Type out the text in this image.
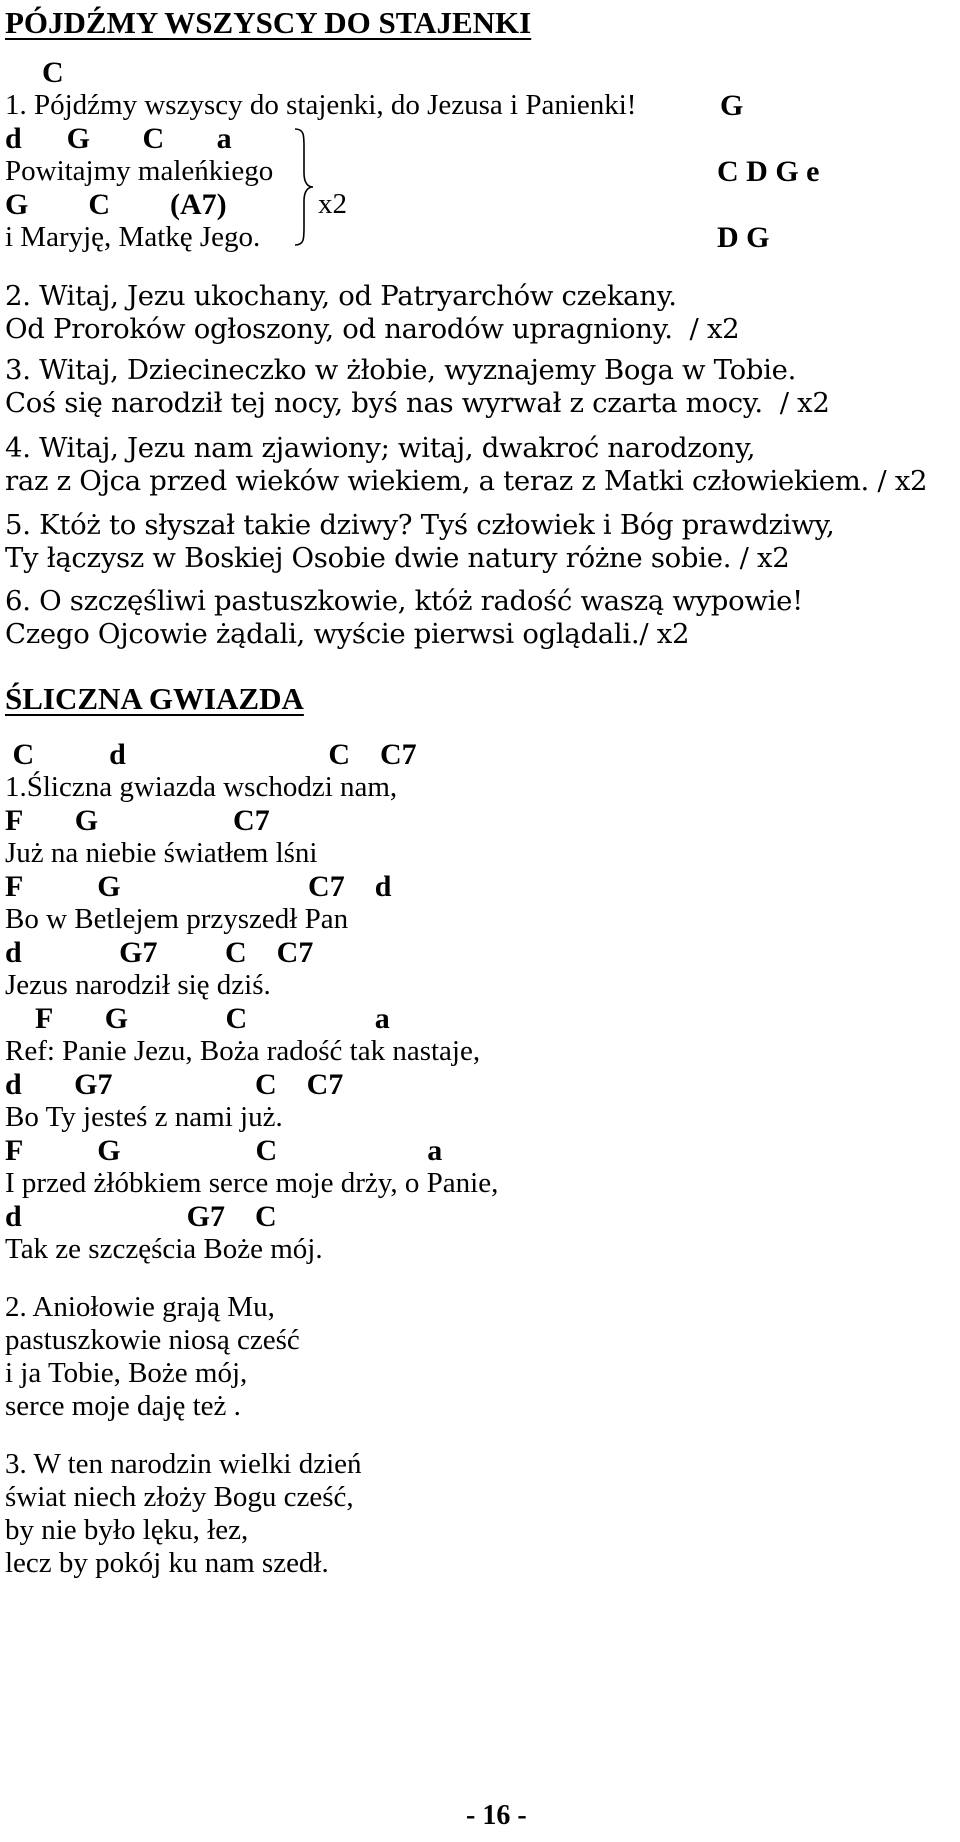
PÓJDŹMY WSZYSCY DO STAJENKI
C
1. Pójdźmy wszyscy do stajenki, do Jezusa i Panienki!
d      G       C       a
Powitajmy maleńkiego
G        C        (A7)
i Maryję, Matkę Jego.
x2
G
C D G e
D G
2. Witaj, Jezu ukochany, od Patryarchów czekany.
Od Proroków ogłoszony, od narodów upragniony.  / x2
3. Witaj, Dziecineczko w żłobie, wyznajemy Boga w Tobie.
Coś się narodził tej nocy, byś nas wyrwał z czarta mocy.  / x2
4. Witaj, Jezu nam zjawiony; witaj, dwakroć narodzony,
raz z Ojca przed wieków wiekiem, a teraz z Matki człowiekiem. / x2
5. Któż to słyszał takie dziwy? Tyś człowiek i Bóg prawdziwy,
Ty łączysz w Boskiej Osobie dwie natury różne sobie. / x2
6. O szczęśliwi pastuszkowie, któż radość waszą wypowie!
Czego Ojcowie żądali, wyście pierwsi oglądali./ x2
ŚLICZNA GWIAZDA
C          d                           C    C7
1.Śliczna gwiazda wschodzi nam,
F       G                  C7
Już na niebie światłem lśni
F          G                         C7    d
Bo w Betlejem przyszedł Pan
d             G7         C    C7
Jezus narodził się dziś.
F       G             C                 a
Ref: Panie Jezu, Boża radość tak nastaje,
d       G7                   C    C7
Bo Ty jesteś z nami już.
F          G                  C                    a
I przed żłóbkiem serce moje drży, o Panie,
d                      G7    C
Tak ze szczęścia Boże mój.
2. Aniołowie grają Mu,
pastuszkowie niosą cześć
i ja Tobie, Boże mój,
serce moje daję też .
3. W ten narodzin wielki dzień
świat niech złoży Bogu cześć,
by nie było lęku, łez,
lecz by pokój ku nam szedł.
- 16 -
